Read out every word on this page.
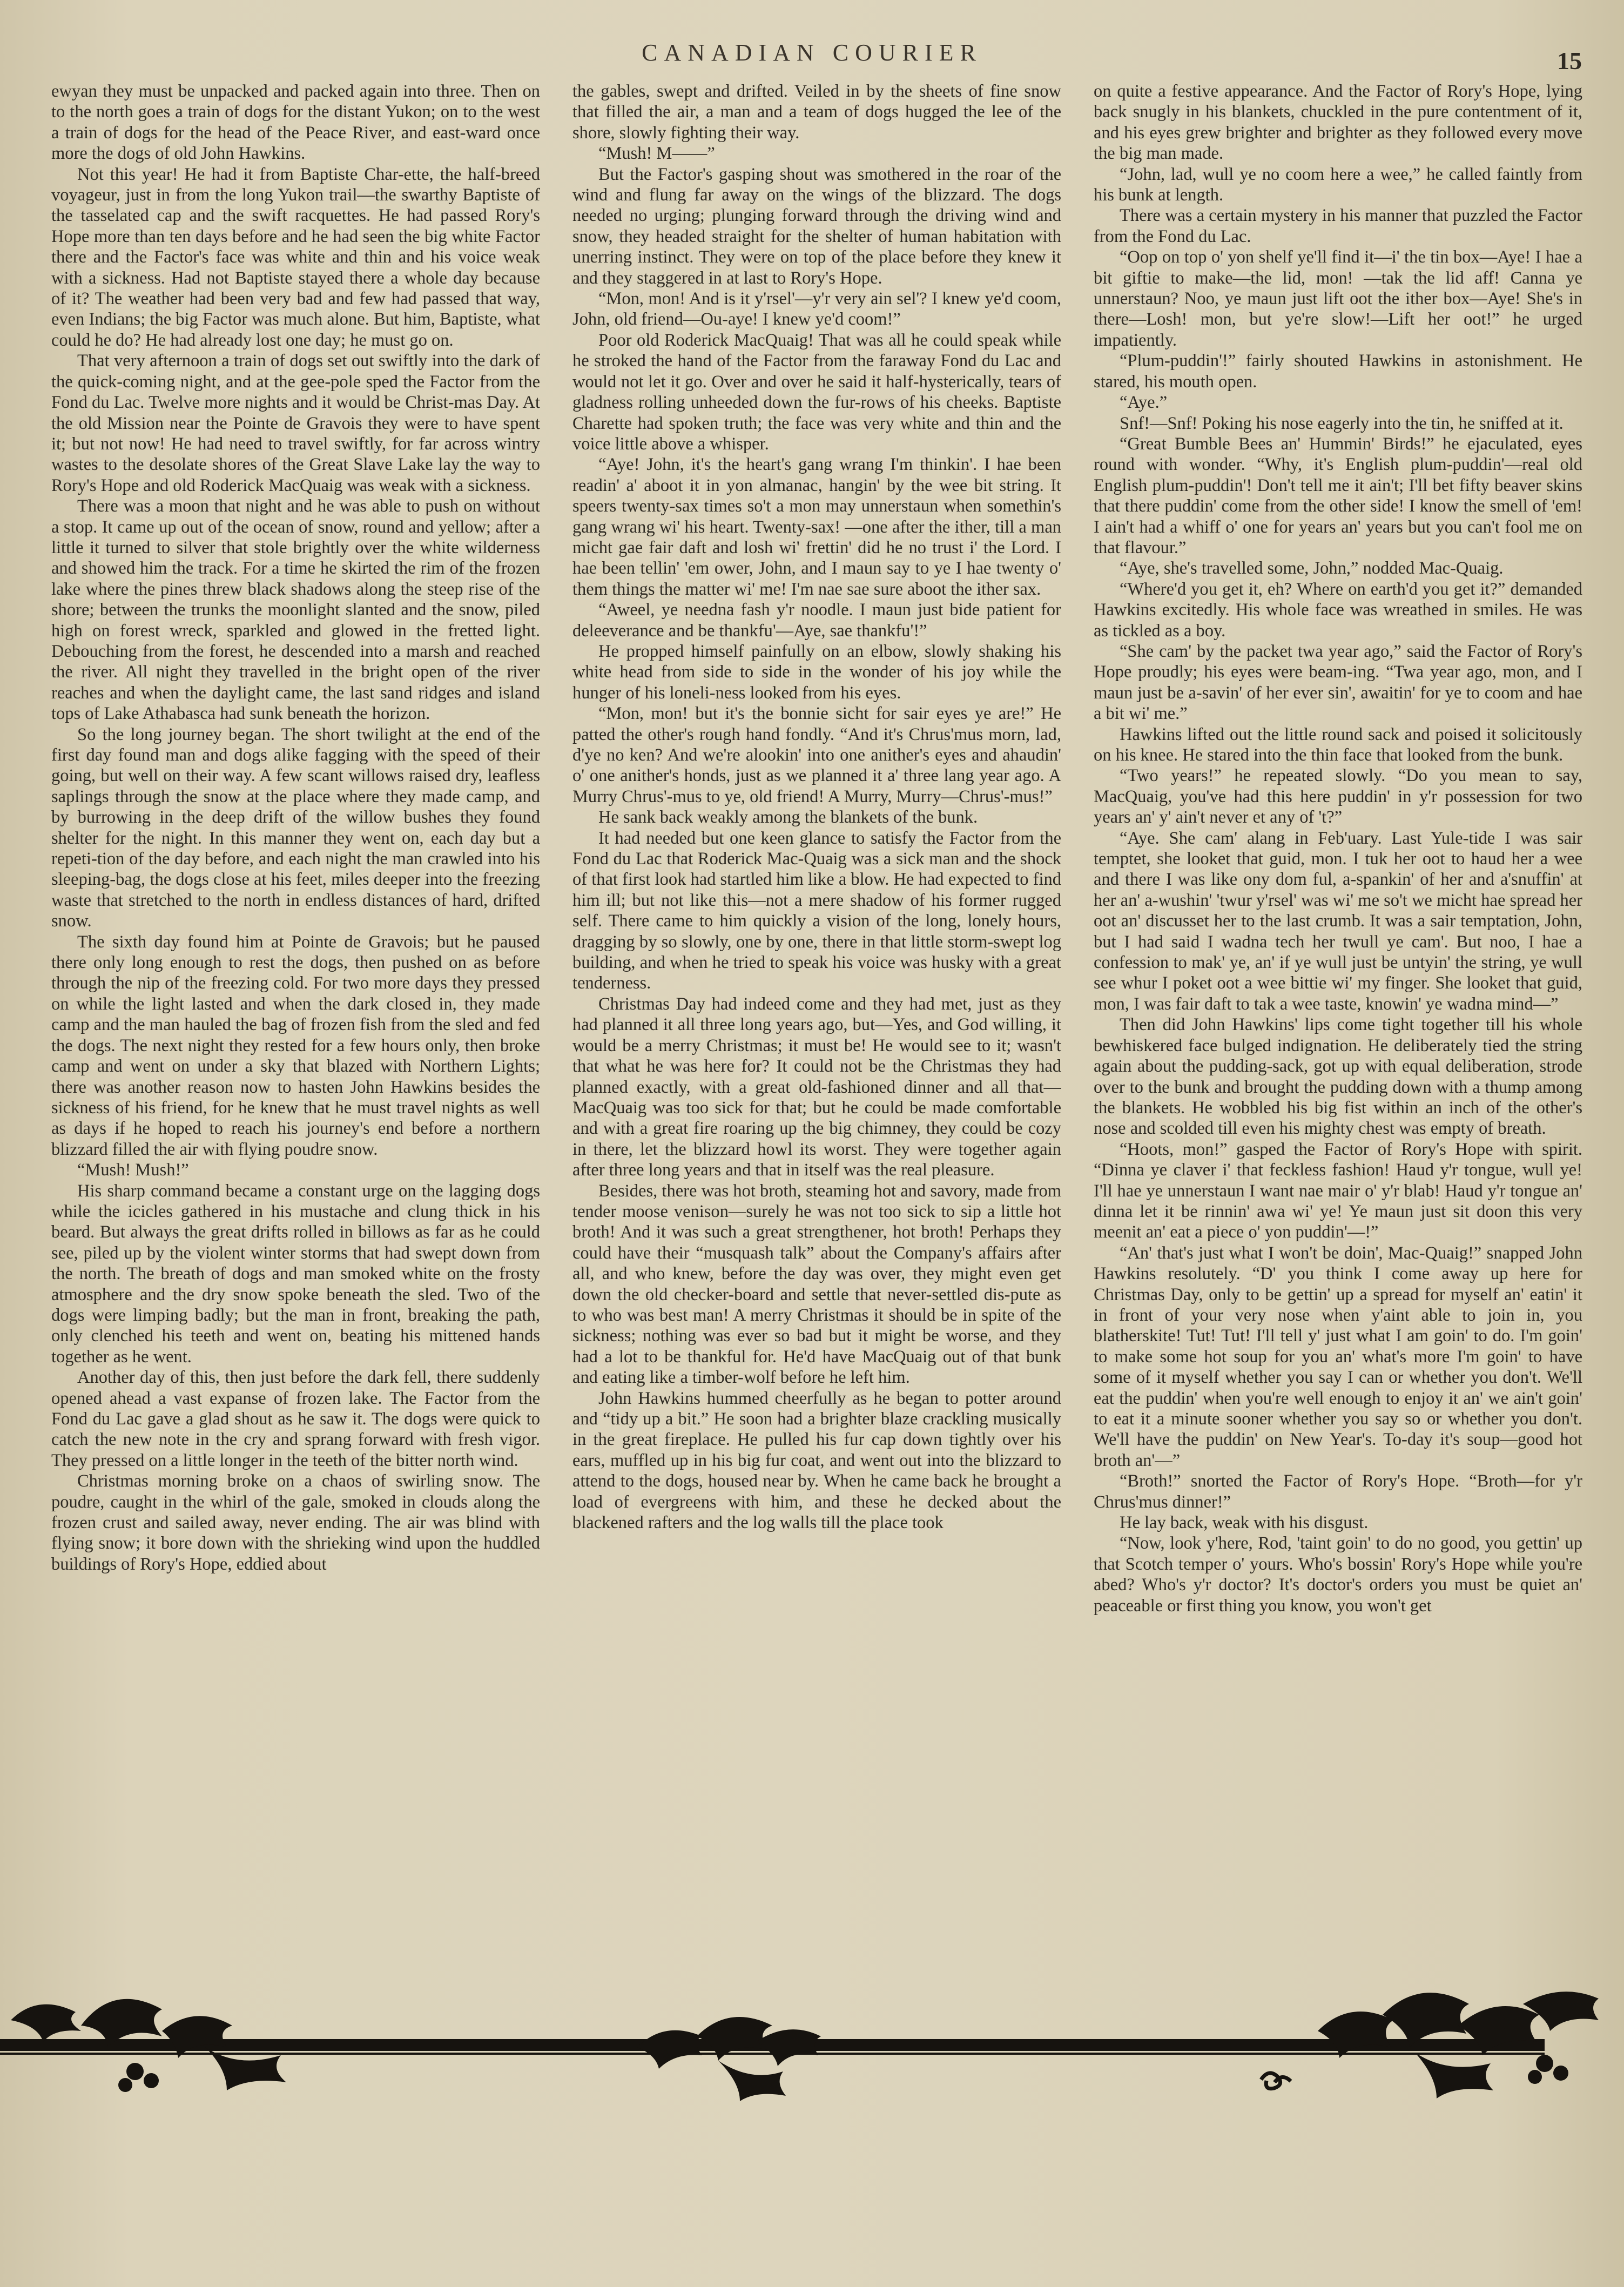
CANADIAN COURIER	15

ewyan they must be unpacked and packed again into three. Then on to the north goes a train of dogs for the distant Yukon; on to the west a train of dogs for the head of the Peace River, and east-ward once more the dogs of old John Hawkins.

Not this year! He had it from Baptiste Char-ette, the half-breed voyageur, just in from the long Yukon trail—the swarthy Baptiste of the tasselated cap and the swift racquettes. He had passed Rory's Hope more than ten days before and he had seen the big white Factor there and the Factor's face was white and thin and his voice weak with a sickness. Had not Baptiste stayed there a whole day because of it? The weather had been very bad and few had passed that way, even Indians; the big Factor was much alone. But him, Baptiste, what could he do? He had already lost one day; he must go on.

That very afternoon a train of dogs set out swiftly into the dark of the quick-coming night, and at the gee-pole sped the Factor from the Fond du Lac. Twelve more nights and it would be Christ-mas Day. At the old Mission near the Pointe de Gravois they were to have spent it; but not now! He had need to travel swiftly, for far across wintry wastes to the desolate shores of the Great Slave Lake lay the way to Rory's Hope and old Roderick MacQuaig was weak with a sickness.

There was a moon that night and he was able to push on without a stop. It came up out of the ocean of snow, round and yellow; after a little it turned to silver that stole brightly over the white wilderness and showed him the track. For a time he skirted the rim of the frozen lake where the pines threw black shadows along the steep rise of the shore; between the trunks the moonlight slanted and the snow, piled high on forest wreck, sparkled and glowed in the fretted light. Debouching from the forest, he descended into a marsh and reached the river. All night they travelled in the bright open of the river reaches and when the daylight came, the last sand ridges and island tops of Lake Athabasca had sunk beneath the horizon.

So the long journey began. The short twilight at the end of the first day found man and dogs alike fagging with the speed of their going, but well on their way. A few scant willows raised dry, leafless saplings through the snow at the place where they made camp, and by burrowing in the deep drift of the willow bushes they found shelter for the night. In this manner they went on, each day but a repeti-tion of the day before, and each night the man crawled into his sleeping-bag, the dogs close at his feet, miles deeper into the freezing waste that stretched to the north in endless distances of hard, drifted snow.

The sixth day found him at Pointe de Gravois; but he paused there only long enough to rest the dogs, then pushed on as before through the nip of the freezing cold. For two more days they pressed on while the light lasted and when the dark closed in, they made camp and the man hauled the bag of frozen fish from the sled and fed the dogs. The next night they rested for a few hours only, then broke camp and went on under a sky that blazed with Northern Lights; there was another reason now to hasten John Hawkins besides the sickness of his friend, for he knew that he must travel nights as well as days if he hoped to reach his journey's end before a northern blizzard filled the air with flying poudre snow.

“Mush! Mush!”

His sharp command became a constant urge on the lagging dogs while the icicles gathered in his mustache and clung thick in his beard. But always the great drifts rolled in billows as far as he could see, piled up by the violent winter storms that had swept down from the north. The breath of dogs and man smoked white on the frosty atmosphere and the dry snow spoke beneath the sled. Two of the dogs were limping badly; but the man in front, breaking the path, only clenched his teeth and went on, beating his mittened hands together as he went.

Another day of this, then just before the dark fell, there suddenly opened ahead a vast expanse of frozen lake. The Factor from the Fond du Lac gave a glad shout as he saw it. The dogs were quick to catch the new note in the cry and sprang forward with fresh vigor. They pressed on a little longer in the teeth of the bitter north wind.

Christmas morning broke on a chaos of swirling snow. The poudre, caught in the whirl of the gale, smoked in clouds along the frozen crust and sailed away, never ending. The air was blind with flying snow; it bore down with the shrieking wind upon the huddled buildings of Rory's Hope, eddied about

the gables, swept and drifted. Veiled in by the sheets of fine snow that filled the air, a man and a team of dogs hugged the lee of the shore, slowly fighting their way.

“Mush! M——”

But the Factor's gasping shout was smothered in the roar of the wind and flung far away on the wings of the blizzard. The dogs needed no urging; plunging forward through the driving wind and snow, they headed straight for the shelter of human habitation with unerring instinct. They were on top of the place before they knew it and they staggered in at last to Rory's Hope.

“Mon, mon! And is it y'rsel'—y'r very ain sel'? I knew ye'd coom, John, old friend—Ou-aye! I knew ye'd coom!”

Poor old Roderick MacQuaig! That was all he could speak while he stroked the hand of the Factor from the faraway Fond du Lac and would not let it go. Over and over he said it half-hysterically, tears of gladness rolling unheeded down the fur-rows of his cheeks. Baptiste Charette had spoken truth; the face was very white and thin and the voice little above a whisper.

“Aye! John, it's the heart's gang wrang I'm thinkin'. I hae been readin' a' aboot it in yon almanac, hangin' by the wee bit string. It speers twenty-sax times so't a mon may unnerstaun when somethin's gang wrang wi' his heart. Twenty-sax! —one after the ither, till a man micht gae fair daft and losh wi' frettin' did he no trust i' the Lord. I hae been tellin' 'em ower, John, and I maun say to ye I hae twenty o' them things the matter wi' me! I'm nae sae sure aboot the ither sax.

“Aweel, ye needna fash y'r noodle. I maun just bide patient for deleeverance and be thankfu'—Aye, sae thankfu'!”

He propped himself painfully on an elbow, slowly shaking his white head from side to side in the wonder of his joy while the hunger of his loneli-ness looked from his eyes.

“Mon, mon! but it's the bonnie sicht for sair eyes ye are!” He patted the other's rough hand fondly. “And it's Chrus'mus morn, lad, d'ye no ken? And we're alookin' into one anither's eyes and ahaudin' o' one anither's honds, just as we planned it a' three lang year ago. A Murry Chrus'-mus to ye, old friend! A Murry, Murry—Chrus'-mus!”

He sank back weakly among the blankets of the bunk.

It had needed but one keen glance to satisfy the Factor from the Fond du Lac that Roderick Mac-Quaig was a sick man and the shock of that first look had startled him like a blow. He had expected to find him ill; but not like this—not a mere shadow of his former rugged self. There came to him quickly a vision of the long, lonely hours, dragging by so slowly, one by one, there in that little storm-swept log building, and when he tried to speak his voice was husky with a great tenderness.

Christmas Day had indeed come and they had met, just as they had planned it all three long years ago, but—Yes, and God willing, it would be a merry Christmas; it must be! He would see to it; wasn't that what he was here for? It could not be the Christmas they had planned exactly, with a great old-fashioned dinner and all that—MacQuaig was too sick for that; but he could be made comfortable and with a great fire roaring up the big chimney, they could be cozy in there, let the blizzard howl its worst. They were together again after three long years and that in itself was the real pleasure.

Besides, there was hot broth, steaming hot and savory, made from tender moose venison—surely he was not too sick to sip a little hot broth! And it was such a great strengthener, hot broth! Perhaps they could have their “musquash talk” about the Company's affairs after all, and who knew, before the day was over, they might even get down the old checker-board and settle that never-settled dis-pute as to who was best man! A merry Christmas it should be in spite of the sickness; nothing was ever so bad but it might be worse, and they had a lot to be thankful for. He'd have MacQuaig out of that bunk and eating like a timber-wolf before he left him.

John Hawkins hummed cheerfully as he began to potter around and “tidy up a bit.” He soon had a brighter blaze crackling musically in the great fireplace. He pulled his fur cap down tightly over his ears, muffled up in his big fur coat, and went out into the blizzard to attend to the dogs, housed near by. When he came back he brought a load of evergreens with him, and these he decked about the blackened rafters and the log walls till the place took

on quite a festive appearance. And the Factor of Rory's Hope, lying back snugly in his blankets, chuckled in the pure contentment of it, and his eyes grew brighter and brighter as they followed every move the big man made.

“John, lad, wull ye no coom here a wee,” he called faintly from his bunk at length.

There was a certain mystery in his manner that puzzled the Factor from the Fond du Lac.

“Oop on top o' yon shelf ye'll find it—i' the tin box—Aye! I hae a bit giftie to make—the lid, mon! —tak the lid aff! Canna ye unnerstaun? Noo, ye maun just lift oot the ither box—Aye! She's in there—Losh! mon, but ye're slow!—Lift her oot!” he urged impatiently.

“Plum-puddin'!” fairly shouted Hawkins in astonishment. He stared, his mouth open.

“Aye.”

Snf!—Snf! Poking his nose eagerly into the tin, he sniffed at it.

“Great Bumble Bees an' Hummin' Birds!” he ejaculated, eyes round with wonder. “Why, it's English plum-puddin'—real old English plum-puddin'! Don't tell me it ain't; I'll bet fifty beaver skins that there puddin' come from the other side! I know the smell of 'em! I ain't had a whiff o' one for years an' years but you can't fool me on that flavour.”

“Aye, she's travelled some, John,” nodded Mac-Quaig.

“Where'd you get it, eh? Where on earth'd you get it?” demanded Hawkins excitedly. His whole face was wreathed in smiles. He was as tickled as a boy.

“She cam' by the packet twa year ago,” said the Factor of Rory's Hope proudly; his eyes were beam-ing. “Twa year ago, mon, and I maun just be a-savin' of her ever sin', awaitin' for ye to coom and hae a bit wi' me.”

Hawkins lifted out the little round sack and poised it solicitously on his knee. He stared into the thin face that looked from the bunk.

“Two years!” he repeated slowly. “Do you mean to say, MacQuaig, you've had this here puddin' in y'r possession for two years an' y' ain't never et any of 't?”

“Aye. She cam' alang in Feb'uary. Last Yule-tide I was sair temptet, she looket that guid, mon. I tuk her oot to haud her a wee and there I was like ony dom ful, a-spankin' of her and a'snuffin' at her an' a-wushin' 'twur y'rsel' was wi' me so't we micht hae spread her oot an' discusset her to the last crumb. It was a sair temptation, John, but I had said I wadna tech her twull ye cam'. But noo, I hae a confession to mak' ye, an' if ye wull just be untyin' the string, ye wull see whur I poket oot a wee bittie wi' my finger. She looket that guid, mon, I was fair daft to tak a wee taste, knowin' ye wadna mind—”

Then did John Hawkins' lips come tight together till his whole bewhiskered face bulged indignation. He deliberately tied the string again about the pudding-sack, got up with equal deliberation, strode over to the bunk and brought the pudding down with a thump among the blankets. He wobbled his big fist within an inch of the other's nose and scolded till even his mighty chest was empty of breath.

“Hoots, mon!” gasped the Factor of Rory's Hope with spirit. “Dinna ye claver i' that feckless fashion! Haud y'r tongue, wull ye! I'll hae ye unnerstaun I want nae mair o' y'r blab! Haud y'r tongue an' dinna let it be rinnin' awa wi' ye! Ye maun just sit doon this very meenit an' eat a piece o' yon puddin'—!”

“An' that's just what I won't be doin', Mac-Quaig!” snapped John Hawkins resolutely. “D' you think I come away up here for Christmas Day, only to be gettin' up a spread for myself an' eatin' it in front of your very nose when y'aint able to join in, you blatherskite! Tut! Tut! I'll tell y' just what I am goin' to do. I'm goin' to make some hot soup for you an' what's more I'm goin' to have some of it myself whether you say I can or whether you don't. We'll eat the puddin' when you're well enough to enjoy it an' we ain't goin' to eat it a minute sooner whether you say so or whether you don't. We'll have the puddin' on New Year's. To-day it's soup—good hot broth an'—”

“Broth!” snorted the Factor of Rory's Hope. “Broth—for y'r Chrus'mus dinner!”

He lay back, weak with his disgust.

“Now, look y'here, Rod, 'taint goin' to do no good, you gettin' up that Scotch temper o' yours. Who's bossin' Rory's Hope while you're abed? Who's y'r doctor? It's doctor's orders you must be quiet an' peaceable or first thing you know, you won't get
